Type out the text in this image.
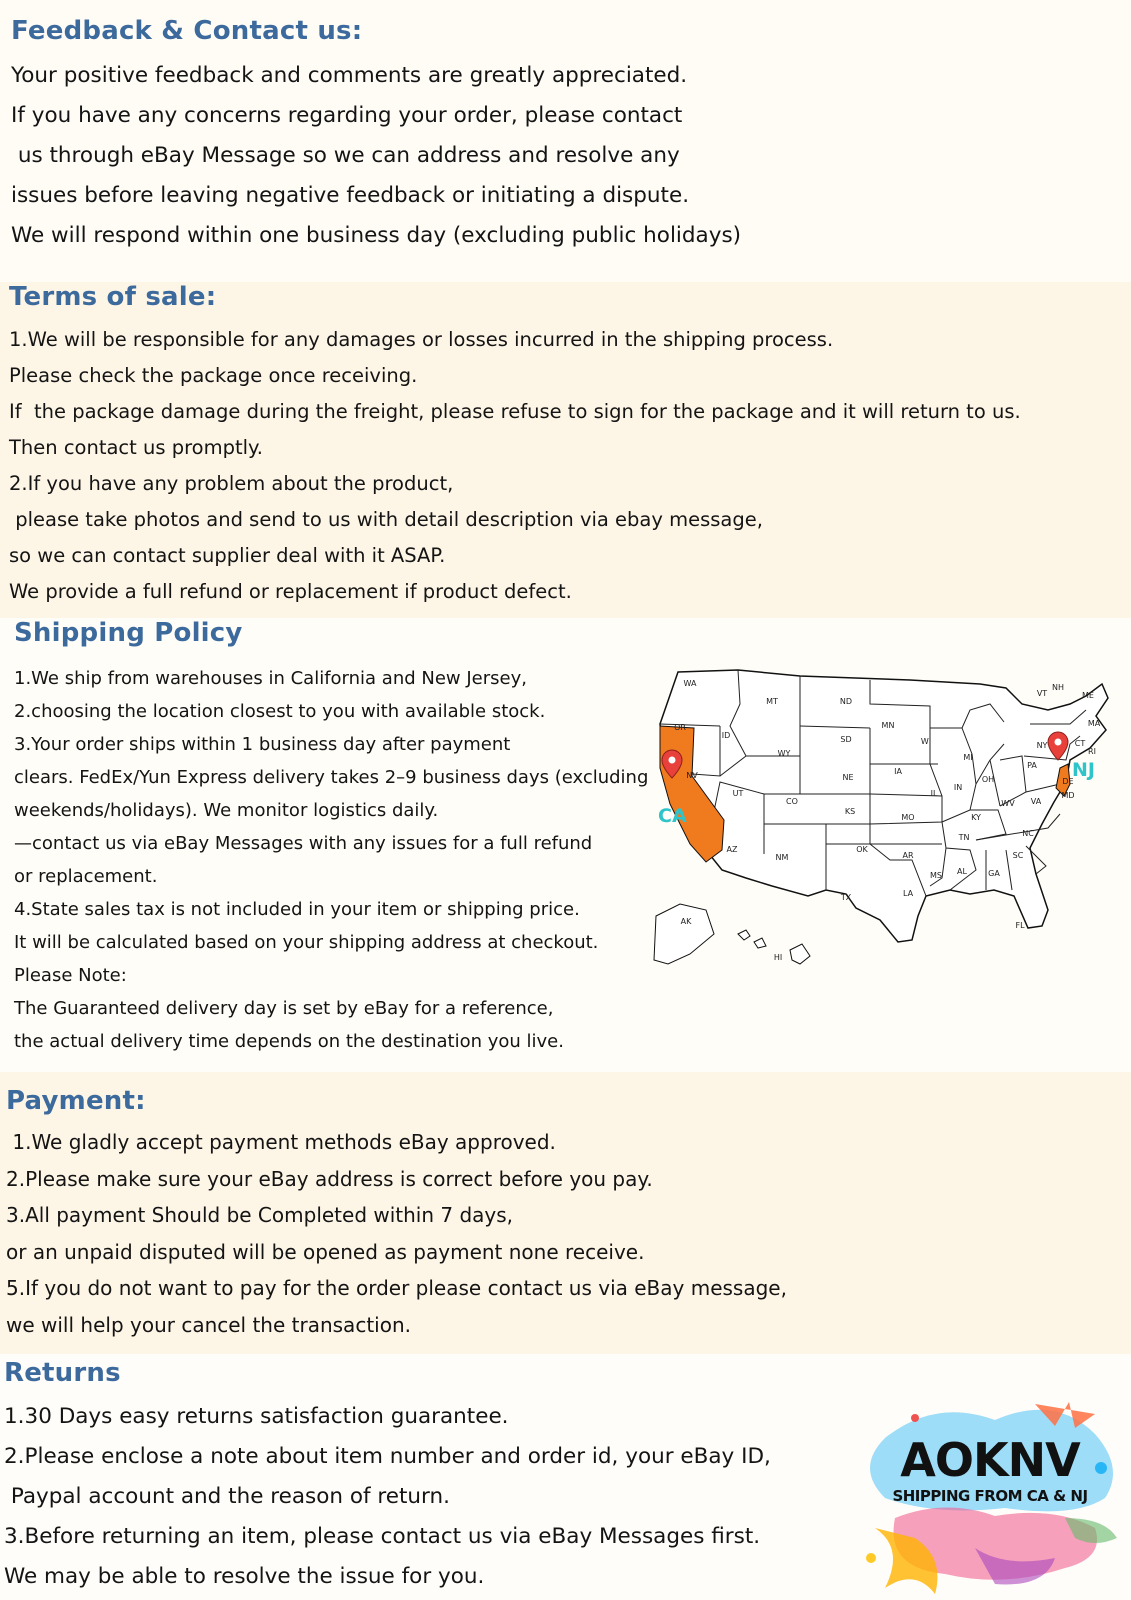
Feedback & Contact us:

Your positive feedback and comments are greatly appreciated.

If you have any concerns regarding your order, please contact

us through eBay Message so we can address and resolve any

issues before leaving negative feedback or initiating a dispute.

We will respond within one business day (excluding public holidays)

Terms of sale:

1.We will be responsible for any damages or losses incurred in the shipping process.

Please check the package once receiving.

If  the package damage during the freight, please refuse to sign for the package and it will return to us.

Then contact us promptly.

2.If you have any problem about the product,

please take photos and send to us with detail description via ebay message,

so we can contact supplier deal with it ASAP.

We provide a full refund or replacement if product defect.

Shipping Policy

1.We ship from warehouses in California and New Jersey,

2.choosing the location closest to you with available stock.

3.Your order ships within 1 business day after payment

clears. FedEx/Yun Express delivery takes 2–9 business days (excluding

weekends/holidays). We monitor logistics daily.

—contact us via eBay Messages with any issues for a full refund

or replacement.

4.State sales tax is not included in your item or shipping price.

It will be calculated based on your shipping address at checkout.

Please Note:

The Guaranteed delivery day is set by eBay for a reference,

the actual delivery time depends on the destination you live.

WA
OR
ID
MT
WY
ND
SD
NE
KS
OK
TX
MN
IA
MO
AR
LA
WI
IL
MI
IN
OH
KY
TN
MS AL	GA
FL
SC
NC
VA
WV
PA
NY
NV
UT
CO
AZ
NM
AK
HI
VT
NH
ME
MA
CT
RI
DE
MD
CA
NJ
Payment:

1.We gladly accept payment methods eBay approved.

2.Please make sure your eBay address is correct before you pay.

3.All payment Should be Completed within 7 days,

or an unpaid disputed will be opened as payment none receive.

5.If you do not want to pay for the order please contact us via eBay message,

we will help your cancel the transaction.

Returns

1.30 Days easy returns satisfaction guarantee.

2.Please enclose a note about item number and order id, your eBay ID,

Paypal account and the reason of return.

3.Before returning an item, please contact us via eBay Messages first.

We may be able to resolve the issue for you.

AOKNV
SHIPPING FROM CA & NJ
